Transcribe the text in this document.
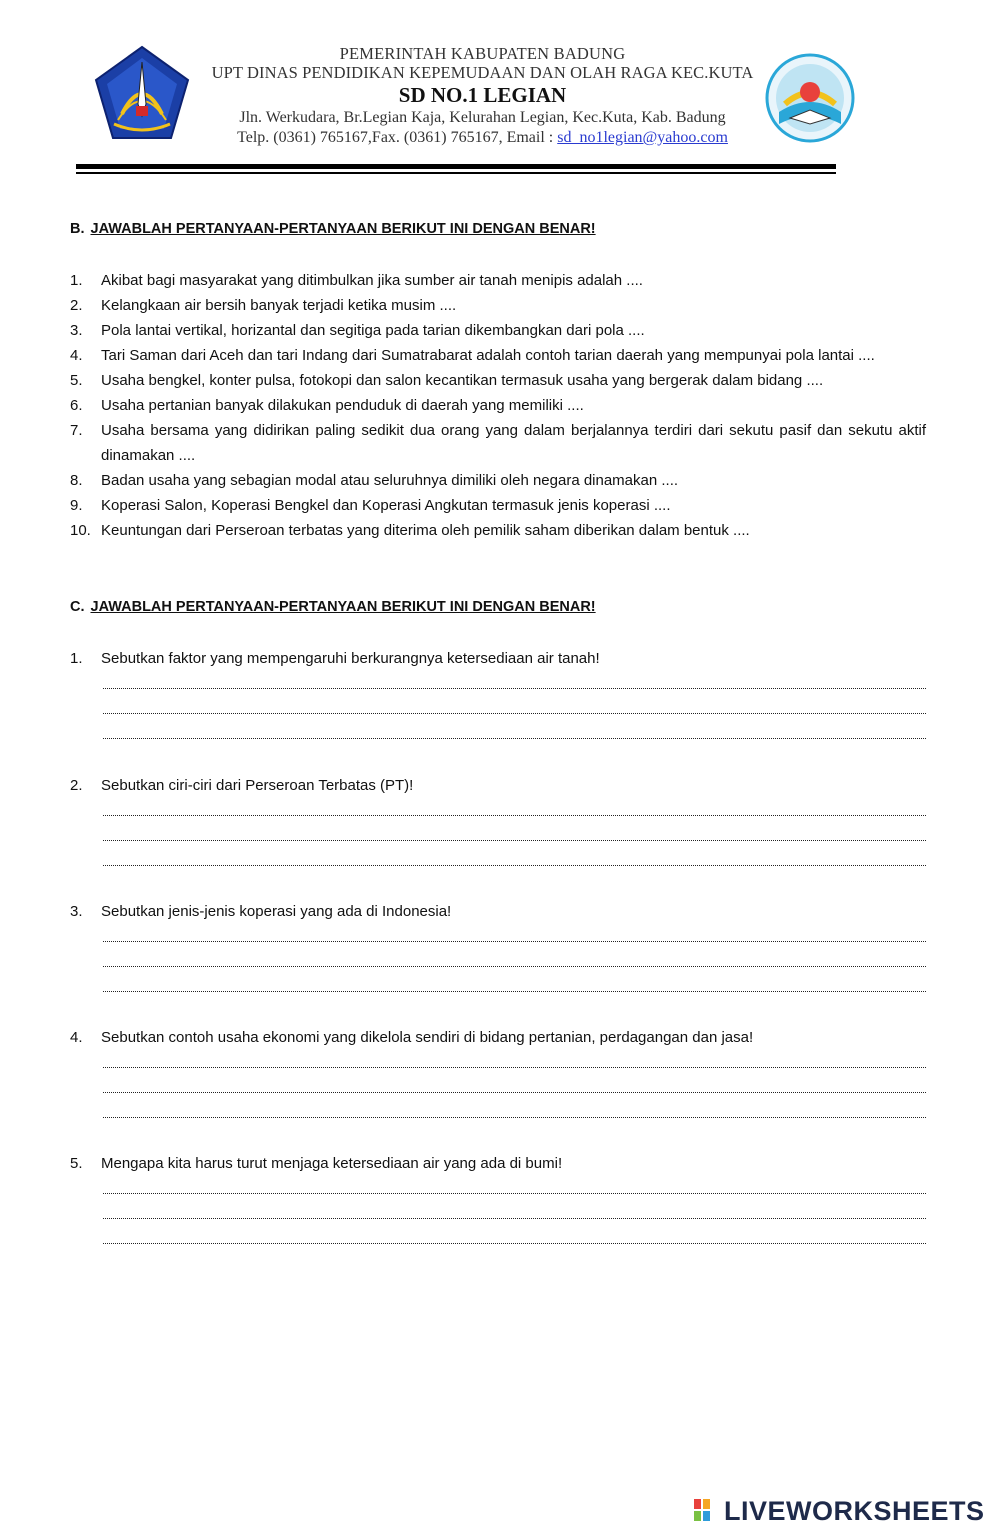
PEMERINTAH KABUPATEN BADUNG
UPT DINAS PENDIDIKAN KEPEMUDAAN DAN OLAH RAGA KEC.KUTA
SD NO.1 LEGIAN
Jln. Werkudara, Br.Legian Kaja, Kelurahan Legian, Kec.Kuta, Kab. Badung
Telp. (0361) 765167,Fax. (0361) 765167, Email : sd_no1legian@yahoo.com
B. JAWABLAH PERTANYAAN-PERTANYAAN BERIKUT INI DENGAN BENAR!
1.	Akibat bagi masyarakat yang ditimbulkan jika sumber air tanah menipis adalah ....
2.	Kelangkaan air bersih banyak terjadi ketika musim ....
3.	Pola lantai vertikal, horizantal dan segitiga pada tarian dikembangkan dari pola ....
4.	Tari Saman dari Aceh dan tari Indang dari Sumatrabarat adalah contoh tarian daerah yang mempunyai pola lantai ....
5.	Usaha bengkel, konter pulsa, fotokopi dan salon kecantikan termasuk usaha yang bergerak dalam bidang ....
6.	Usaha pertanian banyak dilakukan penduduk di daerah yang memiliki ....
7.	Usaha bersama yang didirikan paling sedikit dua orang yang dalam berjalannya terdiri dari sekutu pasif dan sekutu aktif dinamakan ....
8.	Badan usaha yang sebagian modal atau seluruhnya dimiliki oleh negara dinamakan ....
9.	Koperasi Salon, Koperasi Bengkel dan Koperasi Angkutan termasuk jenis koperasi ....
10. Keuntungan dari Perseroan terbatas yang diterima oleh pemilik saham diberikan dalam bentuk ....
C. JAWABLAH PERTANYAAN-PERTANYAAN BERIKUT INI DENGAN BENAR!
1.	Sebutkan faktor yang mempengaruhi berkurangnya ketersediaan air tanah!
2.	Sebutkan ciri-ciri dari Perseroan Terbatas (PT)!
3.	Sebutkan jenis-jenis koperasi yang ada di Indonesia!
4.	Sebutkan contoh usaha ekonomi yang dikelola sendiri di bidang pertanian, perdagangan dan jasa!
5.	Mengapa kita harus turut menjaga ketersediaan air yang ada di bumi!
LIVEWORKSHEETS
